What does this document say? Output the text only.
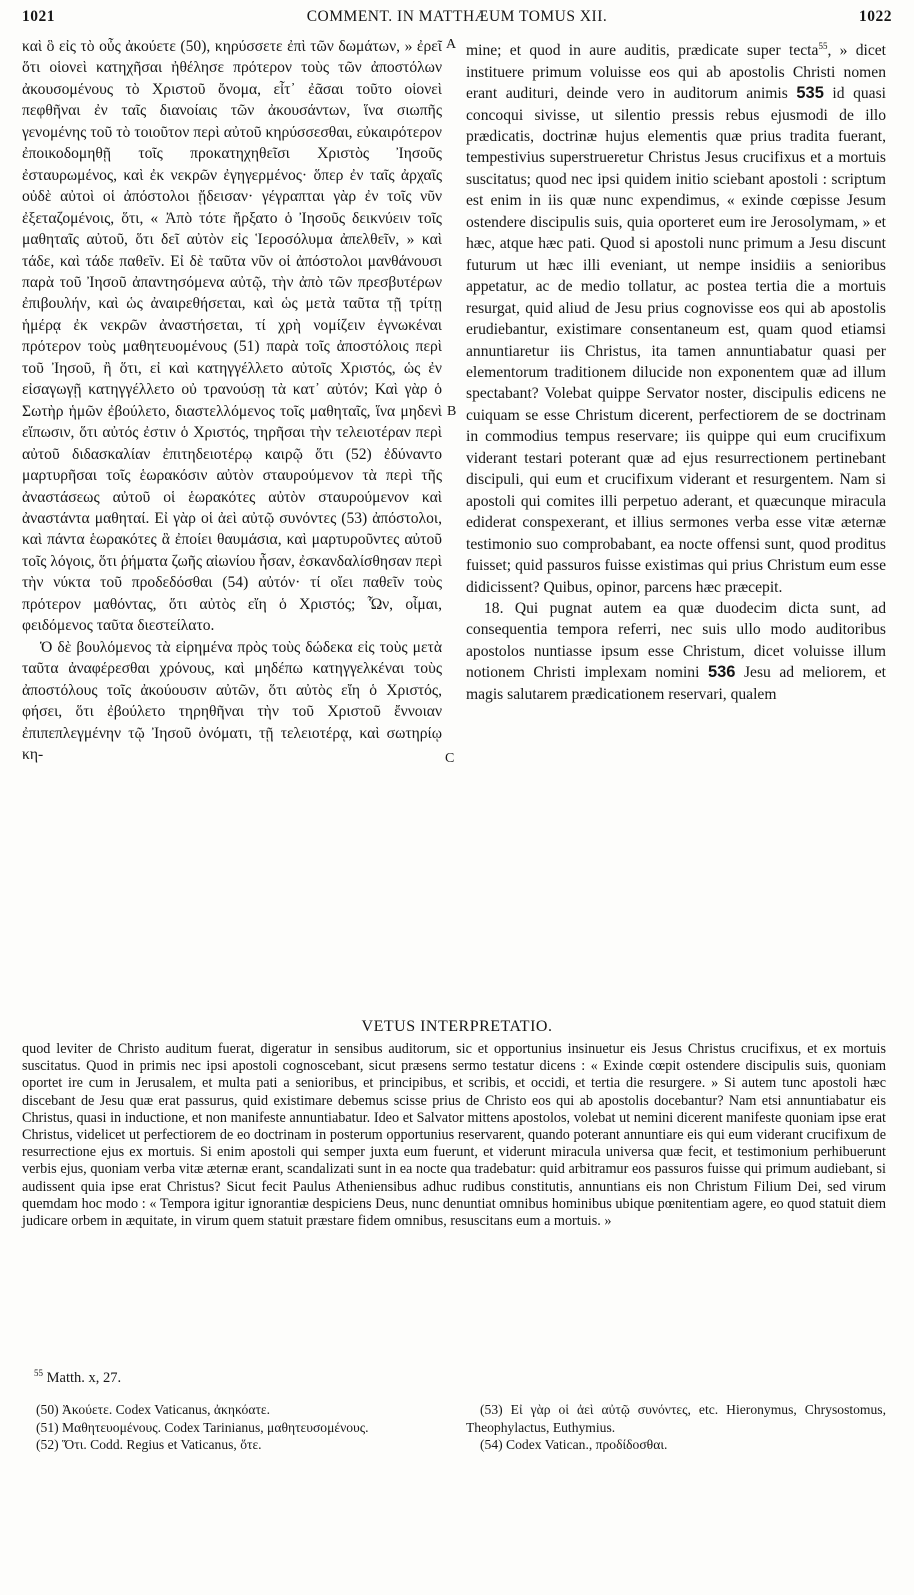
1021	COMMENT. IN MATTHÆUM TOMUS XII.	1022
A
B
C

καὶ ὃ εἰς τὸ οὖς ἀκούετε (50), κηρύσσετε ἐπὶ τῶν δωμάτων, » ἐρεῖ ὅτι οἱονεὶ κατηχῆσαι ἠθέλησε πρότερον τοὺς τῶν ἀποστόλων ἀκουσομένους τὸ Χριστοῦ ὄνομα, εἶτ᾽ ἐᾶσαι τοῦτο οἱονεὶ πεφθῆναι ἐν ταῖς διανοίαις τῶν ἀκουσάντων, ἵνα σιωπῆς γενομένης τοῦ τὸ τοιοῦτον περὶ αὐτοῦ κηρύσσεσθαι, εὐκαιρότερον ἐποικοδομηθῇ τοῖς προκατηχηθεῖσι Χριστὸς Ἰησοῦς ἐσταυρωμένος, καὶ ἐκ νεκρῶν ἐγηγερμένος· ὅπερ ἐν ταῖς ἀρχαῖς οὐδὲ αὐτοὶ οἱ ἀπόστολοι ᾔδεισαν· γέγραπται γὰρ ἐν τοῖς νῦν ἐξεταζομένοις, ὅτι, « Ἀπὸ τότε ἤρξατο ὁ Ἰησοῦς δεικνύειν τοῖς μαθηταῖς αὐτοῦ, ὅτι δεῖ αὐτὸν εἰς Ἱεροσόλυμα ἀπελθεῖν, » καὶ τάδε, καὶ τάδε παθεῖν. Εἰ δὲ ταῦτα νῦν οἱ ἀπόστολοι μανθάνουσι παρὰ τοῦ Ἰησοῦ ἀπαντησόμενα αὐτῷ, τὴν ἀπὸ τῶν πρεσβυτέρων ἐπιβουλήν, καὶ ὡς ἀναιρεθήσεται, καὶ ὡς μετὰ ταῦτα τῇ τρίτῃ ἡμέρᾳ ἐκ νεκρῶν ἀναστήσεται, τί χρὴ νομίζειν ἐγνωκέναι πρότερον τοὺς μαθητευομένους (51) παρὰ τοῖς ἀποστόλοις περὶ τοῦ Ἰησοῦ, ἢ ὅτι, εἰ καὶ κατηγγέλλετο αὐτοῖς Χριστός, ὡς ἐν εἰσαγωγῇ κατηγγέλλετο οὐ τρανούσῃ τὰ κατ᾽ αὐτόν; Καὶ γὰρ ὁ Σωτὴρ ἡμῶν ἐβούλετο, διαστελλόμενος τοῖς μαθηταῖς, ἵνα μηδενὶ εἴπωσιν, ὅτι αὐτός ἐστιν ὁ Χριστός, τηρῆσαι τὴν τελειοτέραν περὶ αὐτοῦ διδασκαλίαν ἐπιτηδειοτέρῳ καιρῷ ὅτι (52) ἐδύναντο μαρτυρῆσαι τοῖς ἑωρακόσιν αὐτὸν σταυρούμενον τὰ περὶ τῆς ἀναστάσεως αὐτοῦ οἱ ἑωρακότες αὐτὸν σταυρούμενον καὶ ἀναστάντα μαθηταί. Εἰ γὰρ οἱ ἀεὶ αὐτῷ συνόντες (53) ἀπόστολοι, καὶ πάντα ἑωρακότες ἃ ἐποίει θαυμάσια, καὶ μαρτυροῦντες αὐτοῦ τοῖς λόγοις, ὅτι ῥήματα ζωῆς αἰωνίου ἦσαν, ἐσκανδαλίσθησαν περὶ τὴν νύκτα τοῦ προδεδόσθαι (54) αὐτόν· τί οἴει παθεῖν τοὺς πρότερον μαθόντας, ὅτι αὐτὸς εἴη ὁ Χριστός; Ὧν, οἶμαι, φειδόμενος ταῦτα διεστείλατο.

Ὁ δὲ βουλόμενος τὰ εἰρημένα πρὸς τοὺς δώδεκα εἰς τοὺς μετὰ ταῦτα ἀναφέρεσθαι χρόνους, καὶ μηδέπω κατηγγελκέναι τοὺς ἀποστόλους τοῖς ἀκούουσιν αὐτῶν, ὅτι αὐτὸς εἴη ὁ Χριστός, φήσει, ὅτι ἐβούλετο τηρηθῆναι τὴν τοῦ Χριστοῦ ἔννοιαν ἐπιπεπλεγμένην τῷ Ἰησοῦ ὀνόματι, τῇ τελειοτέρᾳ, καὶ σωτηρίῳ κη-

mine; et quod in aure auditis, prædicate super tecta$^{55}$, » dicet instituere primum voluisse eos qui ab apostolis Christi nomen erant audituri, deinde vero in auditorum animis 535 id quasi concoqui sivisse, ut silentio pressis rebus ejusmodi de illo prædicatis, doctrinæ hujus elementis quæ prius tradita fuerant, tempestivius superstrueretur Christus Jesus crucifixus et a mortuis suscitatus; quod nec ipsi quidem initio sciebant apostoli : scriptum est enim in iis quæ nunc expendimus, « exinde cœpisse Jesum ostendere discipulis suis, quia oporteret eum ire Jerosolymam, » et hæc, atque hæc pati. Quod si apostoli nunc primum a Jesu discunt futurum ut hæc illi eveniant, ut nempe insidiis a senioribus appetatur, ac de medio tollatur, ac postea tertia die a mortuis resurgat, quid aliud de Jesu prius cognovisse eos qui ab apostolis erudiebantur, existimare consentaneum est, quam quod etiamsi annuntiaretur iis Christus, ita tamen annuntiabatur quasi per elementorum traditionem dilucide non exponentem quæ ad illum spectabant? Volebat quippe Servator noster, discipulis edicens ne cuiquam se esse Christum dicerent, perfectiorem de se doctrinam in commodius tempus reservare; iis quippe qui eum crucifixum viderant testari poterant quæ ad ejus resurrectionem pertinebant discipuli, qui eum et crucifixum viderant et resurgentem. Nam si apostoli qui comites illi perpetuo aderant, et quæcunque miracula ediderat conspexerant, et illius sermones verba esse vitæ æternæ testimonio suo comprobabant, ea nocte offensi sunt, quod proditus fuisset; quid passuros fuisse existimas qui prius Christum eum esse didicissent? Quibus, opinor, parcens hæc præcepit.

18. Qui pugnat autem ea quæ duodecim dicta sunt, ad consequentia tempora referri, nec suis ullo modo auditoribus apostolos nuntiasse ipsum esse Christum, dicet voluisse illum notionem Christi implexam nomini 536 Jesu ad meliorem, et magis salutarem prædicationem reservari, qualem

VETUS INTERPRETATIO.

quod leviter de Christo auditum fuerat, digeratur in sensibus auditorum, sic et opportunius insinuetur eis Jesus Christus crucifixus, et ex mortuis suscitatus. Quod in primis nec ipsi apostoli cognoscebant, sicut præsens sermo testatur dicens : « Exinde cœpit ostendere discipulis suis, quoniam oportet ire cum in Jerusalem, et multa pati a senioribus, et principibus, et scribis, et occidi, et tertia die resurgere. » Si autem tunc apostoli hæc discebant de Jesu quæ erat passurus, quid existimare debemus scisse prius de Christo eos qui ab apostolis docebantur? Nam etsi annuntiabatur eis Christus, quasi in inductione, et non manifeste annuntiabatur. Ideo et Salvator mittens apostolos, volebat ut nemini dicerent manifeste quoniam ipse erat Christus, videlicet ut perfectiorem de eo doctrinam in posterum opportunius reservarent, quando poterant annuntiare eis qui eum viderant crucifixum de resurrectione ejus ex mortuis. Si enim apostoli qui semper juxta eum fuerunt, et viderunt miracula universa quæ fecit, et testimonium perhibuerunt verbis ejus, quoniam verba vitæ æternæ erant, scandalizati sunt in ea nocte qua tradebatur: quid arbitramur eos passuros fuisse qui primum audiebant, si audissent quia ipse erat Christus? Sicut fecit Paulus Atheniensibus adhuc rudibus constitutis, annuntians eis non Christum Filium Dei, sed virum quemdam hoc modo : « Tempora igitur ignorantiæ despiciens Deus, nunc denuntiat omnibus hominibus ubique pœnitentiam agere, eo quod statuit diem judicare orbem in æquitate, in virum quem statuit præstare fidem omnibus, resuscitans eum a mortuis. »

$^{55}$ Matth. x, 27.

(50) Ἀκούετε. Codex Vaticanus, ἀκηκόατε.

(51) Μαθητευομένους. Codex Tarinianus, μαθητευσομένους.

(52) Ὅτι. Codd. Regius et Vaticanus, ὅτε.

(53) Εἰ γὰρ οἱ ἀεὶ αὐτῷ συνόντες, etc. Hieronymus, Chrysostomus, Theophylactus, Euthymius.

(54) Codex Vatican., προδίδοσθαι.
